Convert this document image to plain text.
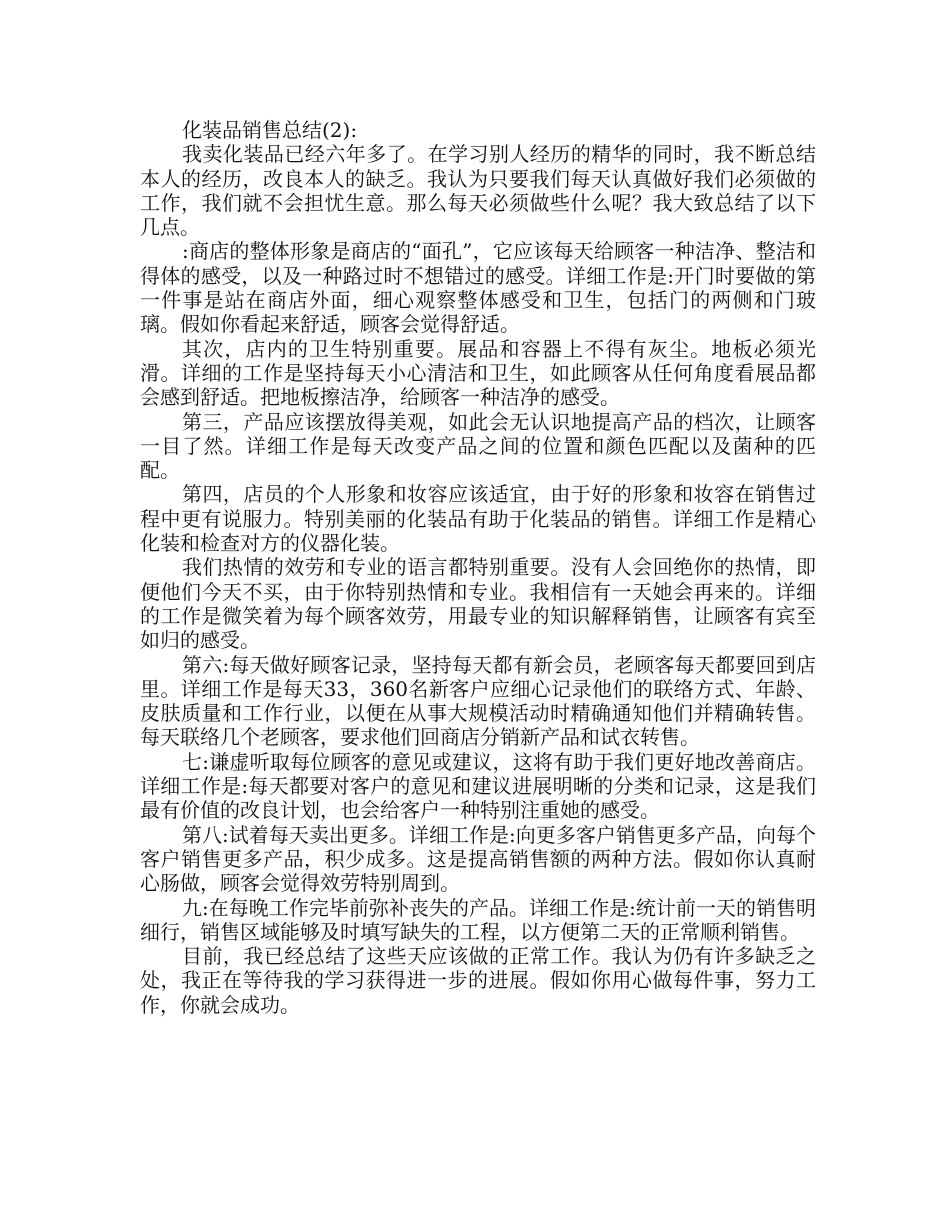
化装品销售总结(2):

我卖化装品已经六年多了。在学习别人经历的精华的同时，我不断总结本人的经历，改良本人的缺乏。我认为只要我们每天认真做好我们必须做的工作，我们就不会担忧生意。那么每天必须做些什么呢？我大致总结了以下几点。

:商店的整体形象是商店的“面孔”，它应该每天给顾客一种洁净、整洁和得体的感受，以及一种路过时不想错过的感受。详细工作是:开门时要做的第一件事是站在商店外面，细心观察整体感受和卫生，包括门的两侧和门玻璃。假如你看起来舒适，顾客会觉得舒适。

其次，店内的卫生特别重要。展品和容器上不得有灰尘。地板必须光滑。详细的工作是坚持每天小心清洁和卫生，如此顾客从任何角度看展品都会感到舒适。把地板擦洁净，给顾客一种洁净的感受。

第三，产品应该摆放得美观，如此会无认识地提高产品的档次，让顾客一目了然。详细工作是每天改变产品之间的位置和颜色匹配以及菌种的匹配。

第四，店员的个人形象和妆容应该适宜，由于好的形象和妆容在销售过程中更有说服力。特别美丽的化装品有助于化装品的销售。详细工作是精心化装和检查对方的仪器化装。

我们热情的效劳和专业的语言都特别重要。没有人会回绝你的热情，即便他们今天不买，由于你特别热情和专业。我相信有一天她会再来的。详细的工作是微笑着为每个顾客效劳，用最专业的知识解释销售，让顾客有宾至如归的感受。

第六:每天做好顾客记录，坚持每天都有新会员，老顾客每天都要回到店里。详细工作是每天33，360名新客户应细心记录他们的联络方式、年龄、皮肤质量和工作行业，以便在从事大规模活动时精确通知他们并精确转售。每天联络几个老顾客，要求他们回商店分销新产品和试衣转售。

七:谦虚听取每位顾客的意见或建议，这将有助于我们更好地改善商店。详细工作是:每天都要对客户的意见和建议进展明晰的分类和记录，这是我们最有价值的改良计划，也会给客户一种特别注重她的感受。

第八:试着每天卖出更多。详细工作是:向更多客户销售更多产品，向每个客户销售更多产品，积少成多。这是提高销售额的两种方法。假如你认真耐心肠做，顾客会觉得效劳特别周到。

九:在每晚工作完毕前弥补丧失的产品。详细工作是:统计前一天的销售明细行，销售区域能够及时填写缺失的工程，以方便第二天的正常顺利销售。

目前，我已经总结了这些天应该做的正常工作。我认为仍有许多缺乏之处，我正在等待我的学习获得进一步的进展。假如你用心做每件事，努力工作，你就会成功。
